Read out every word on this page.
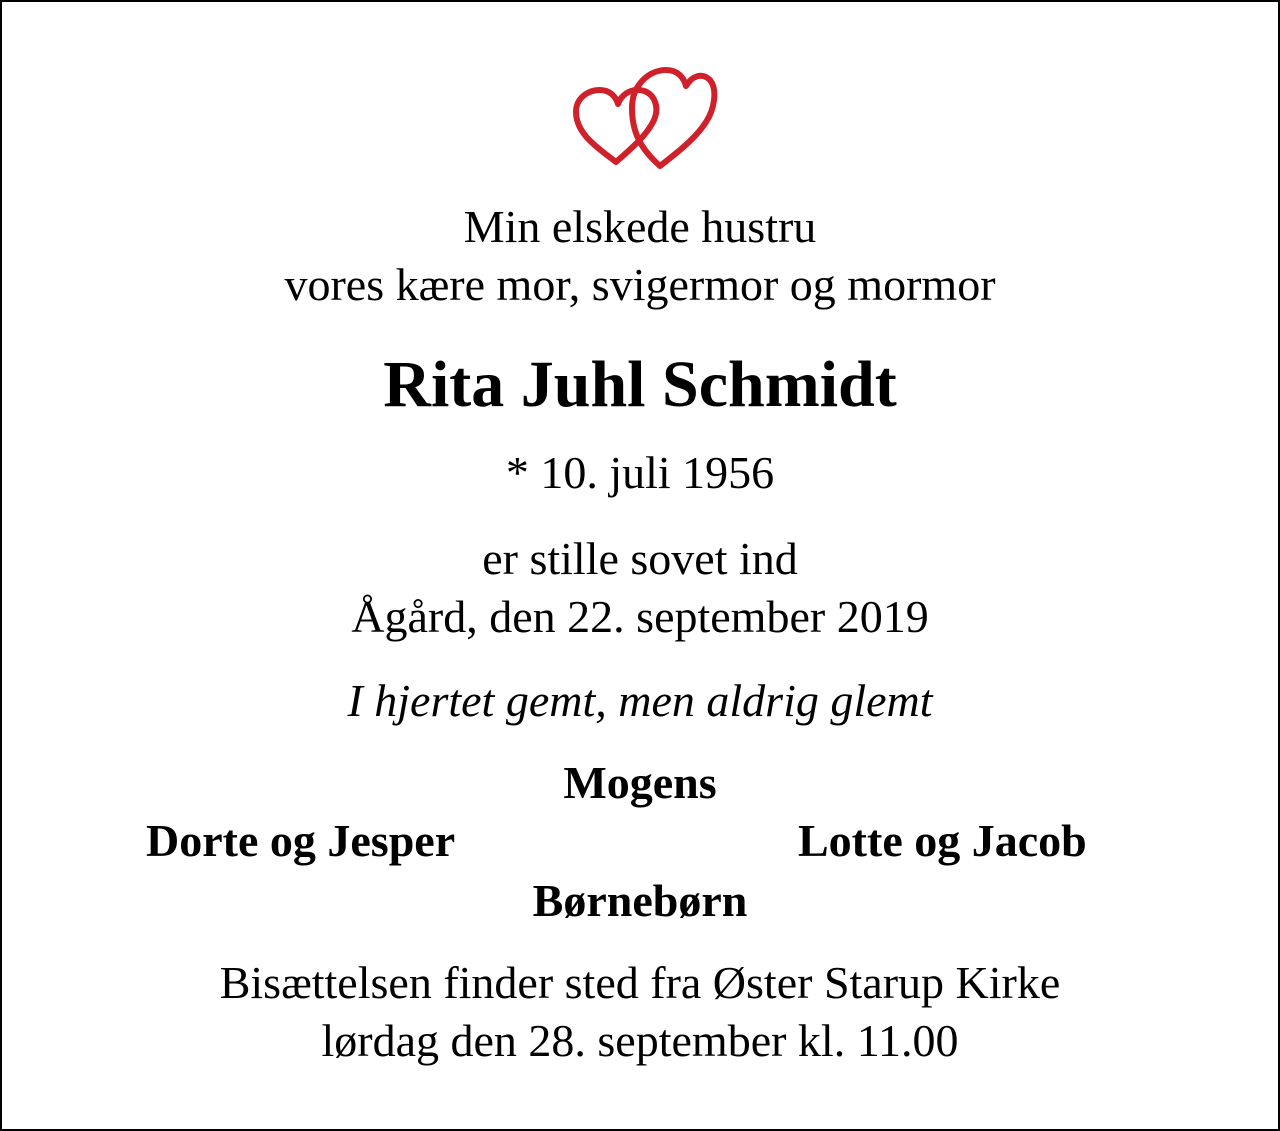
Min elskede hustru
vores kære mor, svigermor og mormor
Rita Juhl Schmidt
* 10. juli 1956
er stille sovet ind
Ågård, den 22. september 2019
I hjertet gemt, men aldrig glemt
Mogens
Dorte og Jesper	Lotte og Jacob
Børnebørn
Bisættelsen finder sted fra Øster Starup Kirke
lørdag den 28. september kl. 11.00
